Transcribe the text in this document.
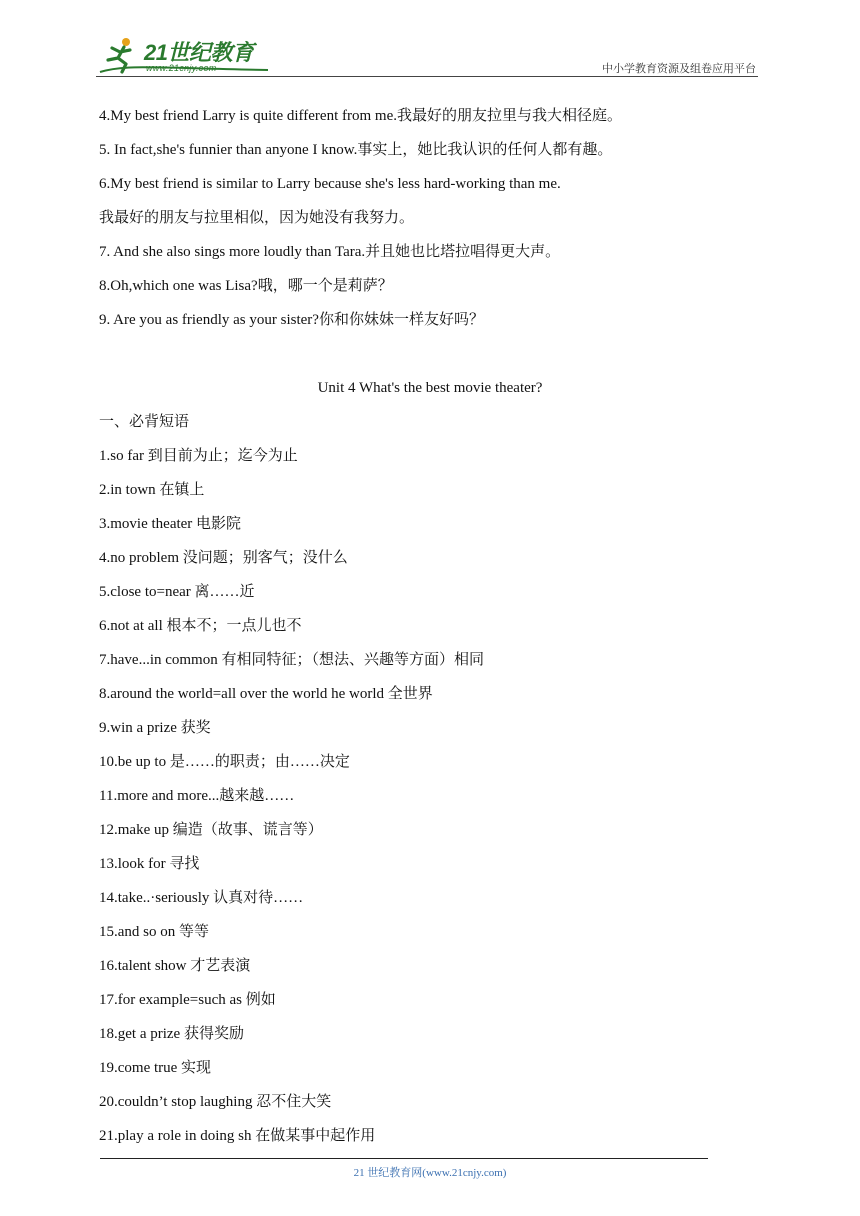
21世纪教育
www.21cnjy.com	中小学教育资源及组卷应用平台
4.My best friend Larry is quite different from me.我最好的朋友拉里与我大相径庭。
5. In fact,she's funnier than anyone I know.事实上，她比我认识的任何人都有趣。
6.My best friend is similar to Larry because she's less hard-working than me.
我最好的朋友与拉里相似，因为她没有我努力。
7. And she also sings more loudly than Tara.并且她也比塔拉唱得更大声。
8.Oh,which one was Lisa?哦，哪一个是莉萨？
9. Are you as friendly as your sister?你和你妹妹一样友好吗？
Unit 4 What's the best movie theater?
一、必背短语
1.so far 到目前为止；迄今为止
2.in town 在镇上
3.movie theater 电影院
4.no problem 没问题；别客气；没什么
5.close to=near 离……近
6.not at all 根本不；一点儿也不
7.have...in common 有相同特征；（想法、兴趣等方面）相同
8.around the world=all over the world he world 全世界
9.win a prize 获奖
10.be up to 是……的职责；由……决定
11.more and more...越来越……
12.make up 编造（故事、谎言等）
13.look for 寻找
14.take..·seriously 认真对待……
15.and so on 等等
16.talent show 才艺表演
17.for example=such as 例如
18.get a prize 获得奖励
19.come true 实现
20.couldn’t stop laughing 忍不住大笑
21.play a role in doing sh 在做某事中起作用
21 世纪教育网(www.21cnjy.com)
